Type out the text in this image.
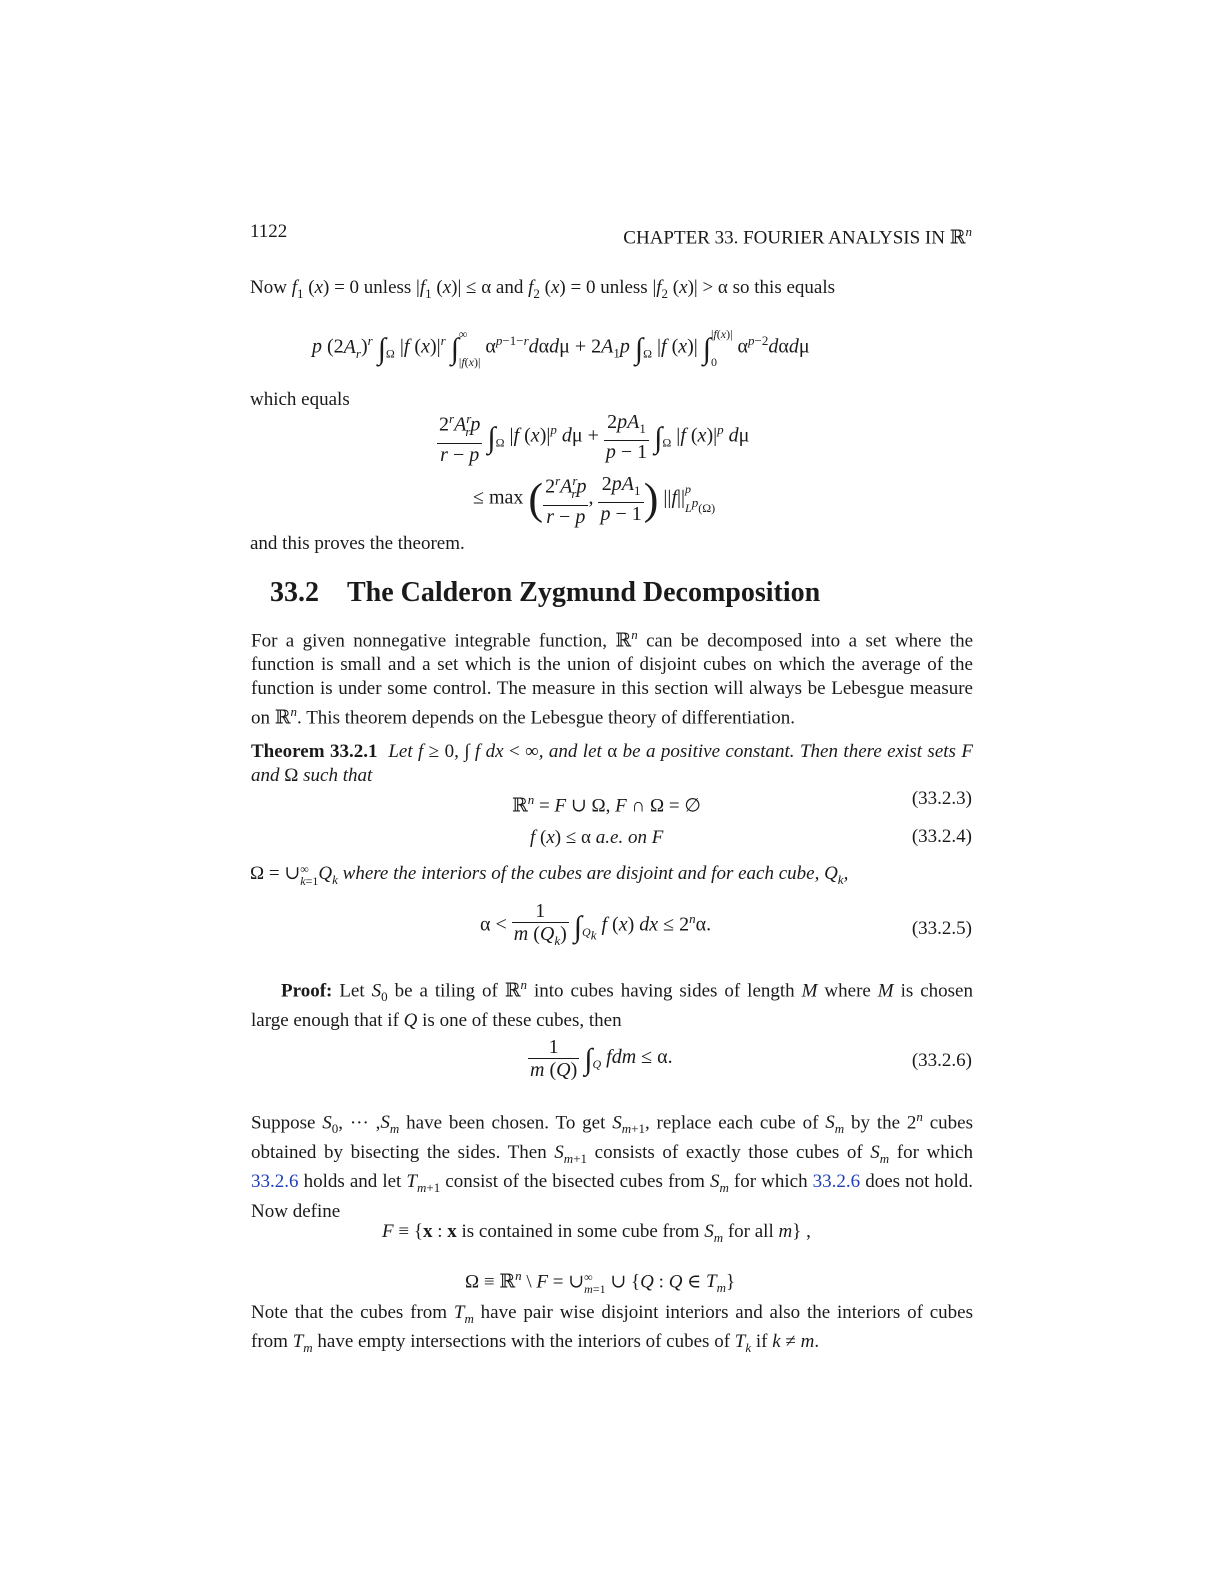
1122	CHAPTER 33. FOURIER ANALYSIS IN ℝ$^n$
Now $f_1$ (x) = 0 unless $|f_1$ (x)| ≤ α and $f_2$ (x) = 0 unless $|f_2$ (x)| > α so this equals
p $(2A_r)^r$ $\int_\Omega$ |f $(x)|^r$ ∫ ∞
|f(x)|
$\alpha^{p-1-r}d\alpha d\mu + 2A_1p$ $\int_\Omega$ |f (x)| ∫ |f(x)|
0
$\alpha^{p-2}d\alpha d\mu$
which equals
$\frac{2^rA^r_rp}{r - p} \int_\Omega$ |f $(x)|^p$ $d\mu + \frac{2pA_1}{p - 1} \int_\Omega$ |f $(x)|^p$ dμ
≤ max ( $\frac{2^rA^r_rp}{r - p}$ , $\frac{2pA_1}{p - 1}$ ) ||f|| p
$L^p(\Omega)$
and this proves the theorem.
33.2 The Calderon Zygmund Decomposition
For a given nonnegative integrable function, ℝ$^n$ can be decomposed into a set where the function is small and a set which is the union of disjoint cubes on which the average of the function is under some control. The measure in this section will always be Lebesgue measure on ℝ$^n$. This theorem depends on the Lebesgue theory of differentiation.
Theorem 33.2.1 Let f ≥ 0, ∫ f dx < ∞, and let α be a positive constant. Then there exist sets F and Ω such that
ℝ$^n$ = F ∪ Ω, F ∩ Ω = ∅	(33.2.3)
f (x) ≤ α a.e. on F	(33.2.4)
Ω = ∪ ∞
k=1 $Q_k$ where the interiors of the cubes are disjoint and for each cube, $Q_k$,
$\alpha < \frac{1}{m (Q_k)} \int_{Q_k}$ f (x) dx ≤ $2^n\alpha$.	(33.2.5)
Proof: Let $S_0$ be a tiling of ℝ$^n$ into cubes having sides of length M where M is chosen large enough that if Q is one of these cubes, then
$\frac{1}{m (Q)} \int_Q$ fdm ≤ α.	(33.2.6)
Suppose $S_0$, ··· $,S_m$ have been chosen. To get $S_{m+1}$, replace each cube of $S_m$ by the 2$^n$ cubes obtained by bisecting the sides. Then $S_{m+1}$ consists of exactly those cubes of $S_m$ for which 33.2.6 holds and let $T_{m+1}$ consist of the bisected cubes from $S_m$ for which 33.2.6 does not hold. Now define
F ≡ {x : x is contained in some cube from $S_m$ for all m} ,
Ω ≡ ℝ$^n$ \ F = ∪ ∞
m=1 ∪ {Q : Q ∈ $T_m$}
Note that the cubes from $T_m$ have pair wise disjoint interiors and also the interiors of cubes from $T_m$ have empty intersections with the interiors of cubes of $T_k$ if k ≠ m.
